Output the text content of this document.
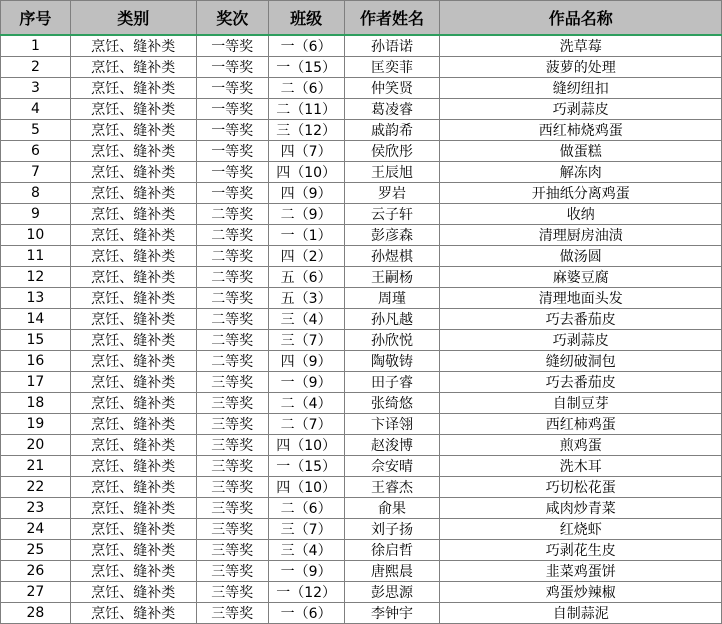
序号	类别	奖次	班级	作者姓名	作品名称
1	烹饪、缝补类	一等奖	一（6）	孙语诺	洗草莓
2	烹饪、缝补类	一等奖	一（15）	匡奕菲	菠萝的处理
3	烹饪、缝补类	一等奖	二（6）	仲笑贤	缝纫纽扣
4	烹饪、缝补类	一等奖	二（11）	葛凌睿	巧剥蒜皮
5	烹饪、缝补类	一等奖	三（12）	戚韵希	西红柿烧鸡蛋
6	烹饪、缝补类	一等奖	四（7）	侯欣彤	做蛋糕
7	烹饪、缝补类	一等奖	四（10）	王辰旭	解冻肉
8	烹饪、缝补类	一等奖	四（9）	罗岩	开抽纸分离鸡蛋
9	烹饪、缝补类	二等奖	二（9）	云子轩	收纳
10	烹饪、缝补类	二等奖	一（1）	彭彦森	清理厨房油渍
11	烹饪、缝补类	二等奖	四（2）	孙煜棋	做汤圆
12	烹饪、缝补类	二等奖	五（6）	王嗣杨	麻婆豆腐
13	烹饪、缝补类	二等奖	五（3）	周瑾	清理地面头发
14	烹饪、缝补类	二等奖	三（4）	孙凡越	巧去番茄皮
15	烹饪、缝补类	二等奖	三（7）	孙欣悦	巧剥蒜皮
16	烹饪、缝补类	二等奖	四（9）	陶敬铸	缝纫破洞包
17	烹饪、缝补类	三等奖	一（9）	田子睿	巧去番茄皮
18	烹饪、缝补类	三等奖	二（4）	张绮悠	自制豆芽
19	烹饪、缝补类	三等奖	二（7）	卞译翎	西红柿鸡蛋
20	烹饪、缝补类	三等奖	四（10）	赵浚博	煎鸡蛋
21	烹饪、缝补类	三等奖	一（15）	佘安晴	洗木耳
22	烹饪、缝补类	三等奖	四（10）	王睿杰	巧切松花蛋
23	烹饪、缝补类	三等奖	二（6）	俞果	咸肉炒青菜
24	烹饪、缝补类	三等奖	三（7）	刘子扬	红烧虾
25	烹饪、缝补类	三等奖	三（4）	徐启哲	巧剥花生皮
26	烹饪、缝补类	三等奖	一（9）	唐熙晨	韭菜鸡蛋饼
27	烹饪、缝补类	三等奖	一（12）	彭思源	鸡蛋炒辣椒
28	烹饪、缝补类	三等奖	一（6）	李钟宇	自制蒜泥
